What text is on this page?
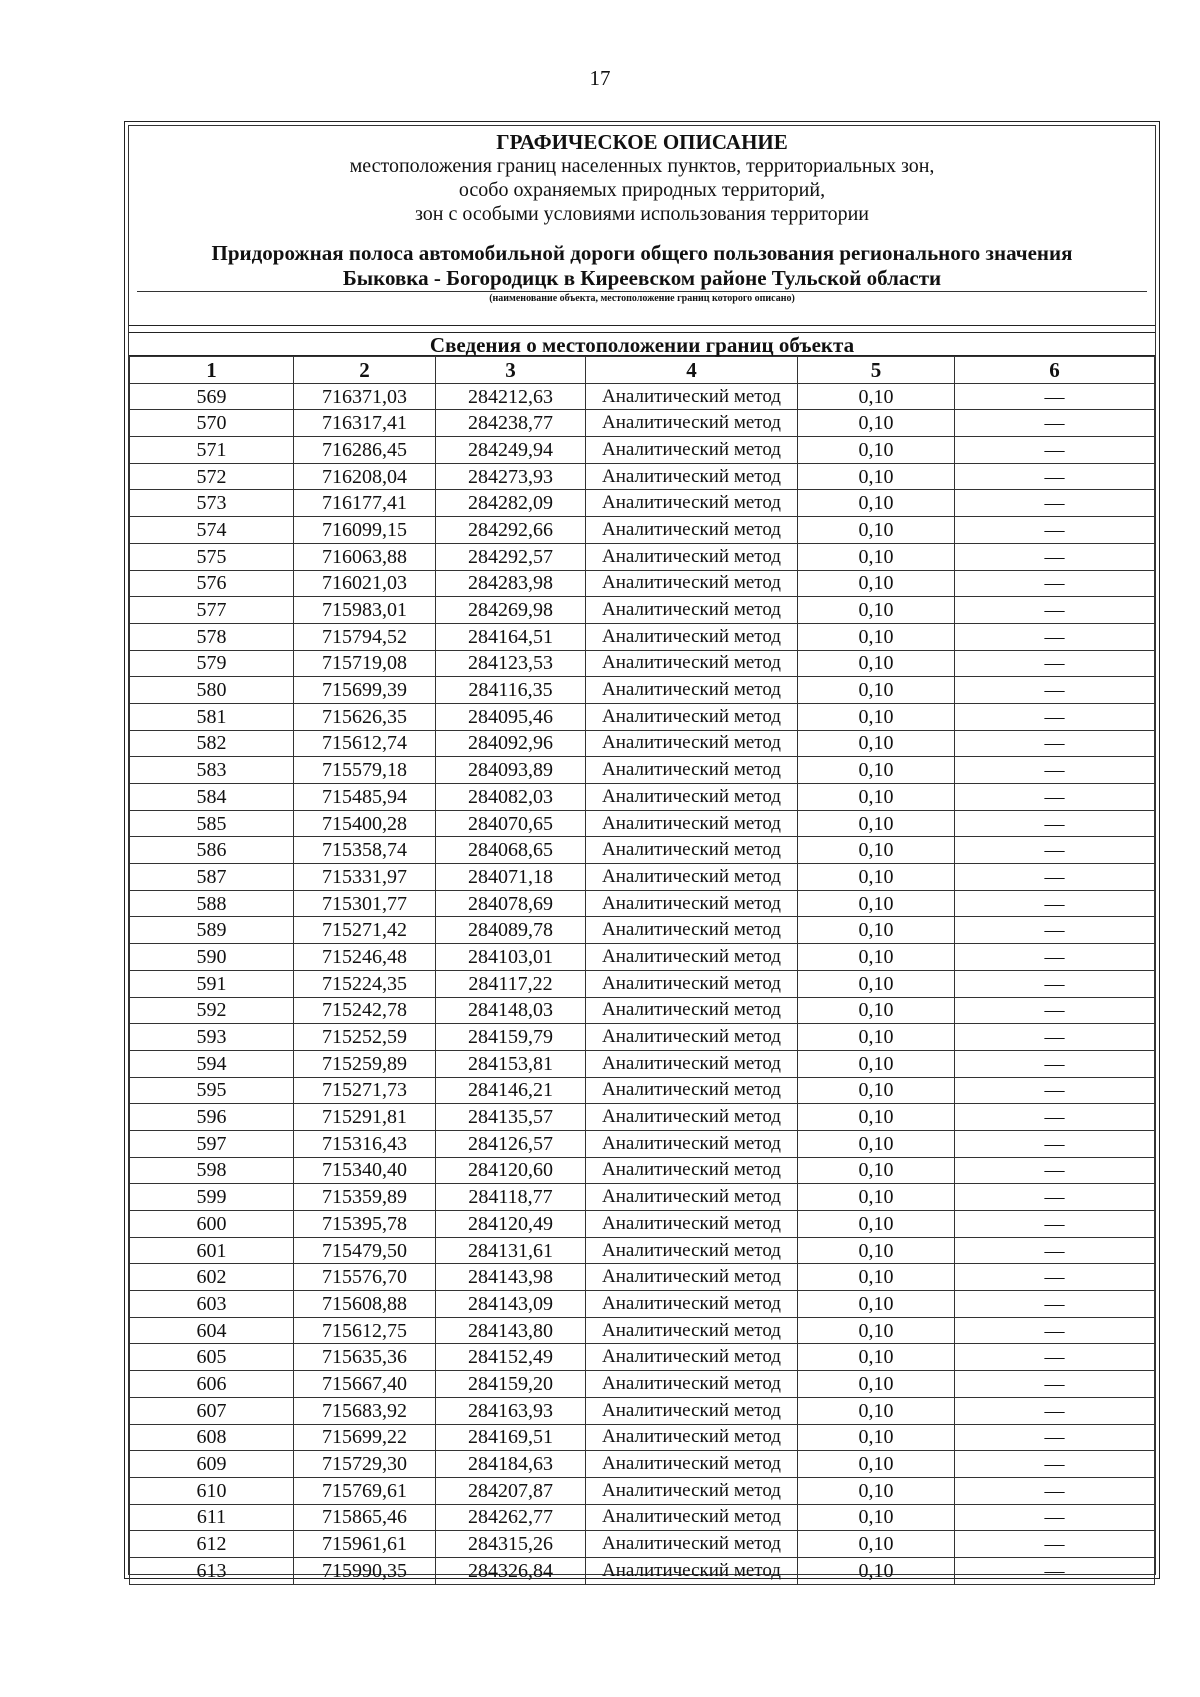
17
ГРАФИЧЕСКОЕ ОПИСАНИЕ
местоположения границ населенных пунктов, территориальных зон,
особо охраняемых природных территорий,
зон с особыми условиями использования территории
Придорожная полоса автомобильной дороги общего пользования регионального значения
Быковка - Богородицк в Киреевском районе Тульской области
(наименование объекта, местоположение границ которого описано)
Сведения о местоположении границ объекта
1	2	3	4	5	6
569	716371,03	284212,63	Аналитический метод	0,10	—
570	716317,41	284238,77	Аналитический метод	0,10	—
571	716286,45	284249,94	Аналитический метод	0,10	—
572	716208,04	284273,93	Аналитический метод	0,10	—
573	716177,41	284282,09	Аналитический метод	0,10	—
574	716099,15	284292,66	Аналитический метод	0,10	—
575	716063,88	284292,57	Аналитический метод	0,10	—
576	716021,03	284283,98	Аналитический метод	0,10	—
577	715983,01	284269,98	Аналитический метод	0,10	—
578	715794,52	284164,51	Аналитический метод	0,10	—
579	715719,08	284123,53	Аналитический метод	0,10	—
580	715699,39	284116,35	Аналитический метод	0,10	—
581	715626,35	284095,46	Аналитический метод	0,10	—
582	715612,74	284092,96	Аналитический метод	0,10	—
583	715579,18	284093,89	Аналитический метод	0,10	—
584	715485,94	284082,03	Аналитический метод	0,10	—
585	715400,28	284070,65	Аналитический метод	0,10	—
586	715358,74	284068,65	Аналитический метод	0,10	—
587	715331,97	284071,18	Аналитический метод	0,10	—
588	715301,77	284078,69	Аналитический метод	0,10	—
589	715271,42	284089,78	Аналитический метод	0,10	—
590	715246,48	284103,01	Аналитический метод	0,10	—
591	715224,35	284117,22	Аналитический метод	0,10	—
592	715242,78	284148,03	Аналитический метод	0,10	—
593	715252,59	284159,79	Аналитический метод	0,10	—
594	715259,89	284153,81	Аналитический метод	0,10	—
595	715271,73	284146,21	Аналитический метод	0,10	—
596	715291,81	284135,57	Аналитический метод	0,10	—
597	715316,43	284126,57	Аналитический метод	0,10	—
598	715340,40	284120,60	Аналитический метод	0,10	—
599	715359,89	284118,77	Аналитический метод	0,10	—
600	715395,78	284120,49	Аналитический метод	0,10	—
601	715479,50	284131,61	Аналитический метод	0,10	—
602	715576,70	284143,98	Аналитический метод	0,10	—
603	715608,88	284143,09	Аналитический метод	0,10	—
604	715612,75	284143,80	Аналитический метод	0,10	—
605	715635,36	284152,49	Аналитический метод	0,10	—
606	715667,40	284159,20	Аналитический метод	0,10	—
607	715683,92	284163,93	Аналитический метод	0,10	—
608	715699,22	284169,51	Аналитический метод	0,10	—
609	715729,30	284184,63	Аналитический метод	0,10	—
610	715769,61	284207,87	Аналитический метод	0,10	—
611	715865,46	284262,77	Аналитический метод	0,10	—
612	715961,61	284315,26	Аналитический метод	0,10	—
613	715990,35	284326,84	Аналитический метод	0,10	—
